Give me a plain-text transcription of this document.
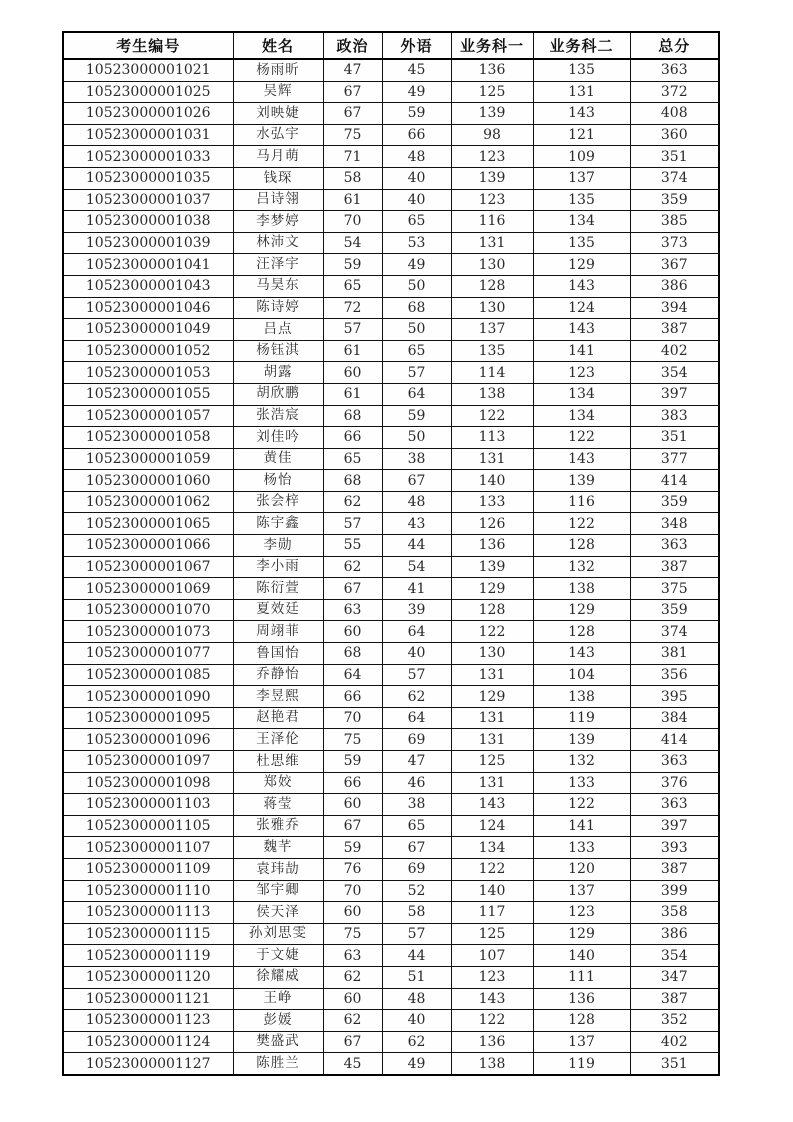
考生编号	姓名	政治	外语	业务科一	业务科二	总分
10523000001021	杨雨昕	47	45	136	135	363
10523000001025	吴辉	67	49	125	131	372
10523000001026	刘映婕	67	59	139	143	408
10523000001031	水弘宇	75	66	98	121	360
10523000001033	马月萌	71	48	123	109	351
10523000001035	钱琛	58	40	139	137	374
10523000001037	吕诗翎	61	40	123	135	359
10523000001038	李梦婷	70	65	116	134	385
10523000001039	林沛文	54	53	131	135	373
10523000001041	汪泽宇	59	49	130	129	367
10523000001043	马昊东	65	50	128	143	386
10523000001046	陈诗婷	72	68	130	124	394
10523000001049	吕点	57	50	137	143	387
10523000001052	杨钰淇	61	65	135	141	402
10523000001053	胡露	60	57	114	123	354
10523000001055	胡欣鹏	61	64	138	134	397
10523000001057	张浩宸	68	59	122	134	383
10523000001058	刘佳吟	66	50	113	122	351
10523000001059	黄佳	65	38	131	143	377
10523000001060	杨怡	68	67	140	139	414
10523000001062	张会梓	62	48	133	116	359
10523000001065	陈宇鑫	57	43	126	122	348
10523000001066	李勋	55	44	136	128	363
10523000001067	李小雨	62	54	139	132	387
10523000001069	陈衍萱	67	41	129	138	375
10523000001070	夏效廷	63	39	128	129	359
10523000001073	周翊菲	60	64	122	128	374
10523000001077	鲁国怡	68	40	130	143	381
10523000001085	乔静怡	64	57	131	104	356
10523000001090	李昱熙	66	62	129	138	395
10523000001095	赵艳君	70	64	131	119	384
10523000001096	王泽伦	75	69	131	139	414
10523000001097	杜思维	59	47	125	132	363
10523000001098	郑姣	66	46	131	133	376
10523000001103	蒋莹	60	38	143	122	363
10523000001105	张雅乔	67	65	124	141	397
10523000001107	魏芊	59	67	134	133	393
10523000001109	袁玮劼	76	69	122	120	387
10523000001110	邹宇卿	70	52	140	137	399
10523000001113	侯天泽	60	58	117	123	358
10523000001115	孙刘思雯	75	57	125	129	386
10523000001119	于文婕	63	44	107	140	354
10523000001120	徐耀威	62	51	123	111	347
10523000001121	王峥	60	48	143	136	387
10523000001123	彭媛	62	40	122	128	352
10523000001124	樊盛武	67	62	136	137	402
10523000001127	陈胜兰	45	49	138	119	351
